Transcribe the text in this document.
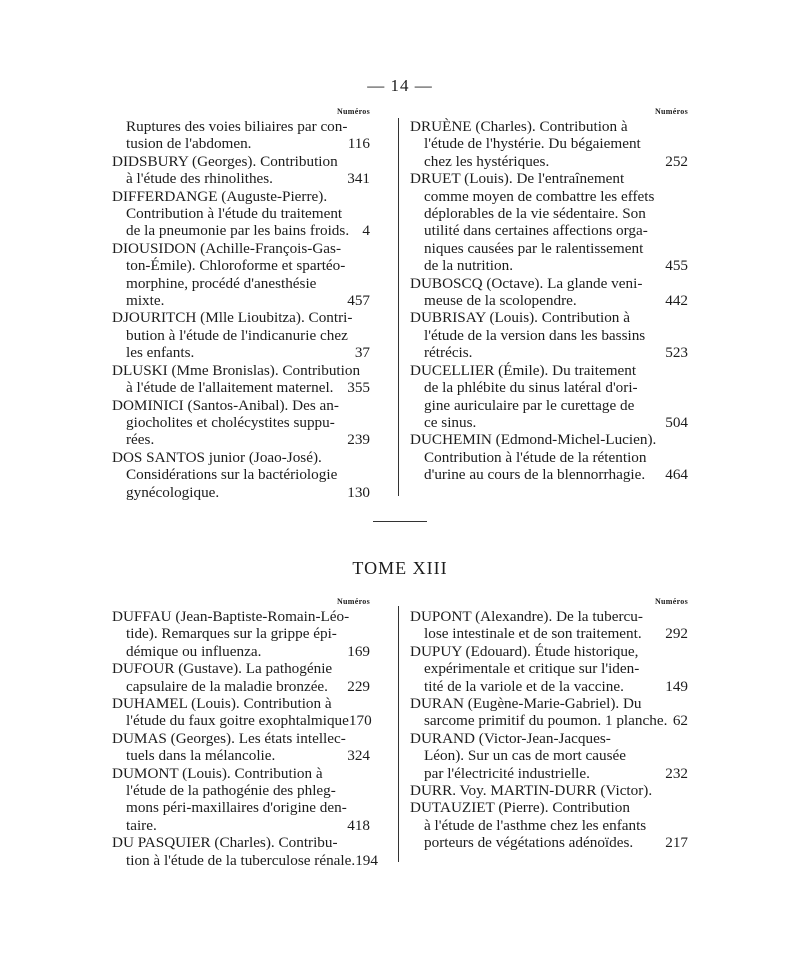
— 14 —
Numéros
Ruptures des voies biliaires par con-
tusion de l'abdomen.	116
DIDSBURY (Georges). Contribution
à l'étude des rhinolithes.	341
DIFFERDANGE (Auguste-Pierre).
Contribution à l'étude du traitement
de la pneumonie par les bains froids. 4
DIOUSIDON (Achille-François-Gas-
ton-Émile). Chloroforme et spartéo-
morphine, procédé d'anesthésie
mixte.	457
DJOURITCH (Mlle Lioubitza). Contri-
bution à l'étude de l'indicanurie chez
les enfants.	37
DLUSKI (Mme Bronislas). Contribution
à l'étude de l'allaitement maternel. 355
DOMINICI (Santos-Anibal). Des an-
giocholites et cholécystites suppu-
rées.	239
DOS SANTOS junior (Joao-José).
Considérations sur la bactériologie
gynécologique.	130
Numéros
DRUÈNE (Charles). Contribution à
l'étude de l'hystérie. Du bégaiement
chez les hystériques.	252
DRUET (Louis). De l'entraînement
comme moyen de combattre les effets
déplorables de la vie sédentaire. Son
utilité dans certaines affections orga-
niques causées par le ralentissement
de la nutrition.	455
DUBOSCQ (Octave). La glande veni-
meuse de la scolopendre.	442
DUBRISAY (Louis). Contribution à
l'étude de la version dans les bassins
rétrécis.	523
DUCELLIER (Émile). Du traitement
de la phlébite du sinus latéral d'ori-
gine auriculaire par le curettage de
ce sinus.	504
DUCHEMIN (Edmond-Michel-Lucien).
Contribution à l'étude de la rétention
d'urine au cours de la blennorrhagie. 464
TOME XIII
Numéros
DUFFAU (Jean-Baptiste-Romain-Léo-
tide). Remarques sur la grippe épi-
démique ou influenza.	169
DUFOUR (Gustave). La pathogénie
capsulaire de la maladie bronzée. 229
DUHAMEL (Louis). Contribution à
l'étude du faux goitre exophtalmique 170
DUMAS (Georges). Les états intellec-
tuels dans la mélancolie.	324
DUMONT (Louis). Contribution à
l'étude de la pathogénie des phleg-
mons péri-maxillaires d'origine den-
taire.	418
DU PASQUIER (Charles). Contribu-
tion à l'étude de la tuberculose rénale. 194
Numéros
DUPONT (Alexandre). De la tubercu-
lose intestinale et de son traitement. 292
DUPUY (Edouard). Étude historique,
expérimentale et critique sur l'iden-
tité de la variole et de la vaccine.	149
DURAN (Eugène-Marie-Gabriel). Du
sarcome primitif du poumon. 1 planche. 62
DURAND (Victor-Jean-Jacques-
Léon). Sur un cas de mort causée
par l'électricité industrielle.	232
DURR. Voy. MARTIN-DURR (Victor).
DUTAUZIET (Pierre). Contribution
à l'étude de l'asthme chez les enfants
porteurs de végétations adénoïdes. 217
